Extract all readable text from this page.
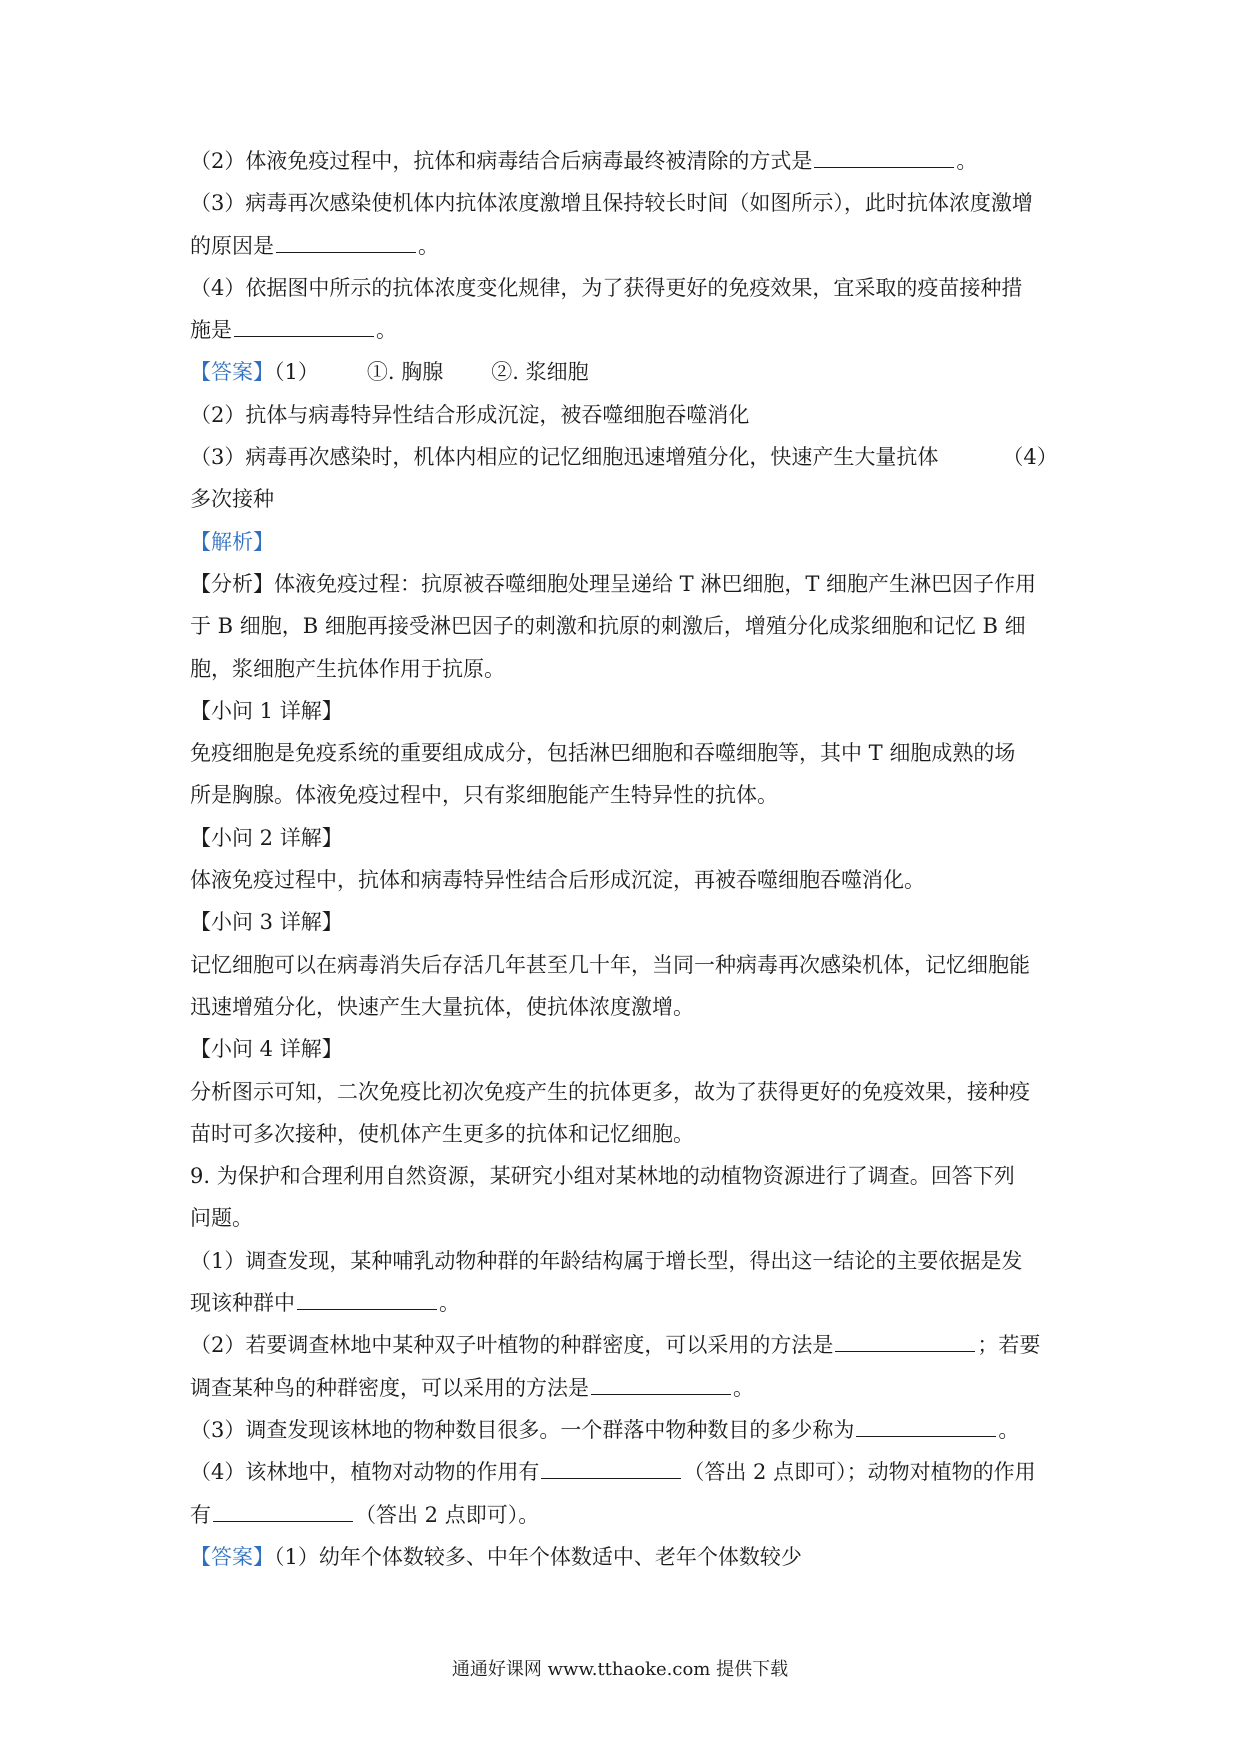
（2）体液免疫过程中，抗体和病毒结合后病毒最终被清除的方式是	。
（3）病毒再次感染使机体内抗体浓度激增且保持较长时间（如图所示），此时抗体浓度激增
的原因是	。
（4）依据图中所示的抗体浓度变化规律，为了获得更好的免疫效果，宜采取的疫苗接种措
施是	。
【答案】（1） ①. 胸腺 ②. 浆细胞
（2）抗体与病毒特异性结合形成沉淀，被吞噬细胞吞噬消化
（3）病毒再次感染时，机体内相应的记忆细胞迅速增殖分化，快速产生大量抗体	（4）
多次接种
【解析】
【分析】体液免疫过程：抗原被吞噬细胞处理呈递给 T 淋巴细胞，T 细胞产生淋巴因子作用
于 B 细胞，B 细胞再接受淋巴因子的刺激和抗原的刺激后，增殖分化成浆细胞和记忆 B 细
胞，浆细胞产生抗体作用于抗原。
【小问 1 详解】
免疫细胞是免疫系统的重要组成成分，包括淋巴细胞和吞噬细胞等，其中 T 细胞成熟的场
所是胸腺。体液免疫过程中，只有浆细胞能产生特异性的抗体。
【小问 2 详解】
体液免疫过程中，抗体和病毒特异性结合后形成沉淀，再被吞噬细胞吞噬消化。
【小问 3 详解】
记忆细胞可以在病毒消失后存活几年甚至几十年，当同一种病毒再次感染机体，记忆细胞能
迅速增殖分化，快速产生大量抗体，使抗体浓度激增。
【小问 4 详解】
分析图示可知，二次免疫比初次免疫产生的抗体更多，故为了获得更好的免疫效果，接种疫
苗时可多次接种，使机体产生更多的抗体和记忆细胞。
9. 为保护和合理利用自然资源，某研究小组对某林地的动植物资源进行了调查。回答下列
问题。
（1）调查发现，某种哺乳动物种群的年龄结构属于增长型，得出这一结论的主要依据是发
现该种群中	。
（2）若要调查林地中某种双子叶植物的种群密度，可以采用的方法是	；若要
调查某种鸟的种群密度，可以采用的方法是	。
（3）调查发现该林地的物种数目很多。一个群落中物种数目的多少称为	。
（4）该林地中，植物对动物的作用有	（答出 2 点即可）；动物对植物的作用
有	（答出 2 点即可）。
【答案】（1）幼年个体数较多、中年个体数适中、老年个体数较少
通通好课网 www.tthaoke.com 提供下载
